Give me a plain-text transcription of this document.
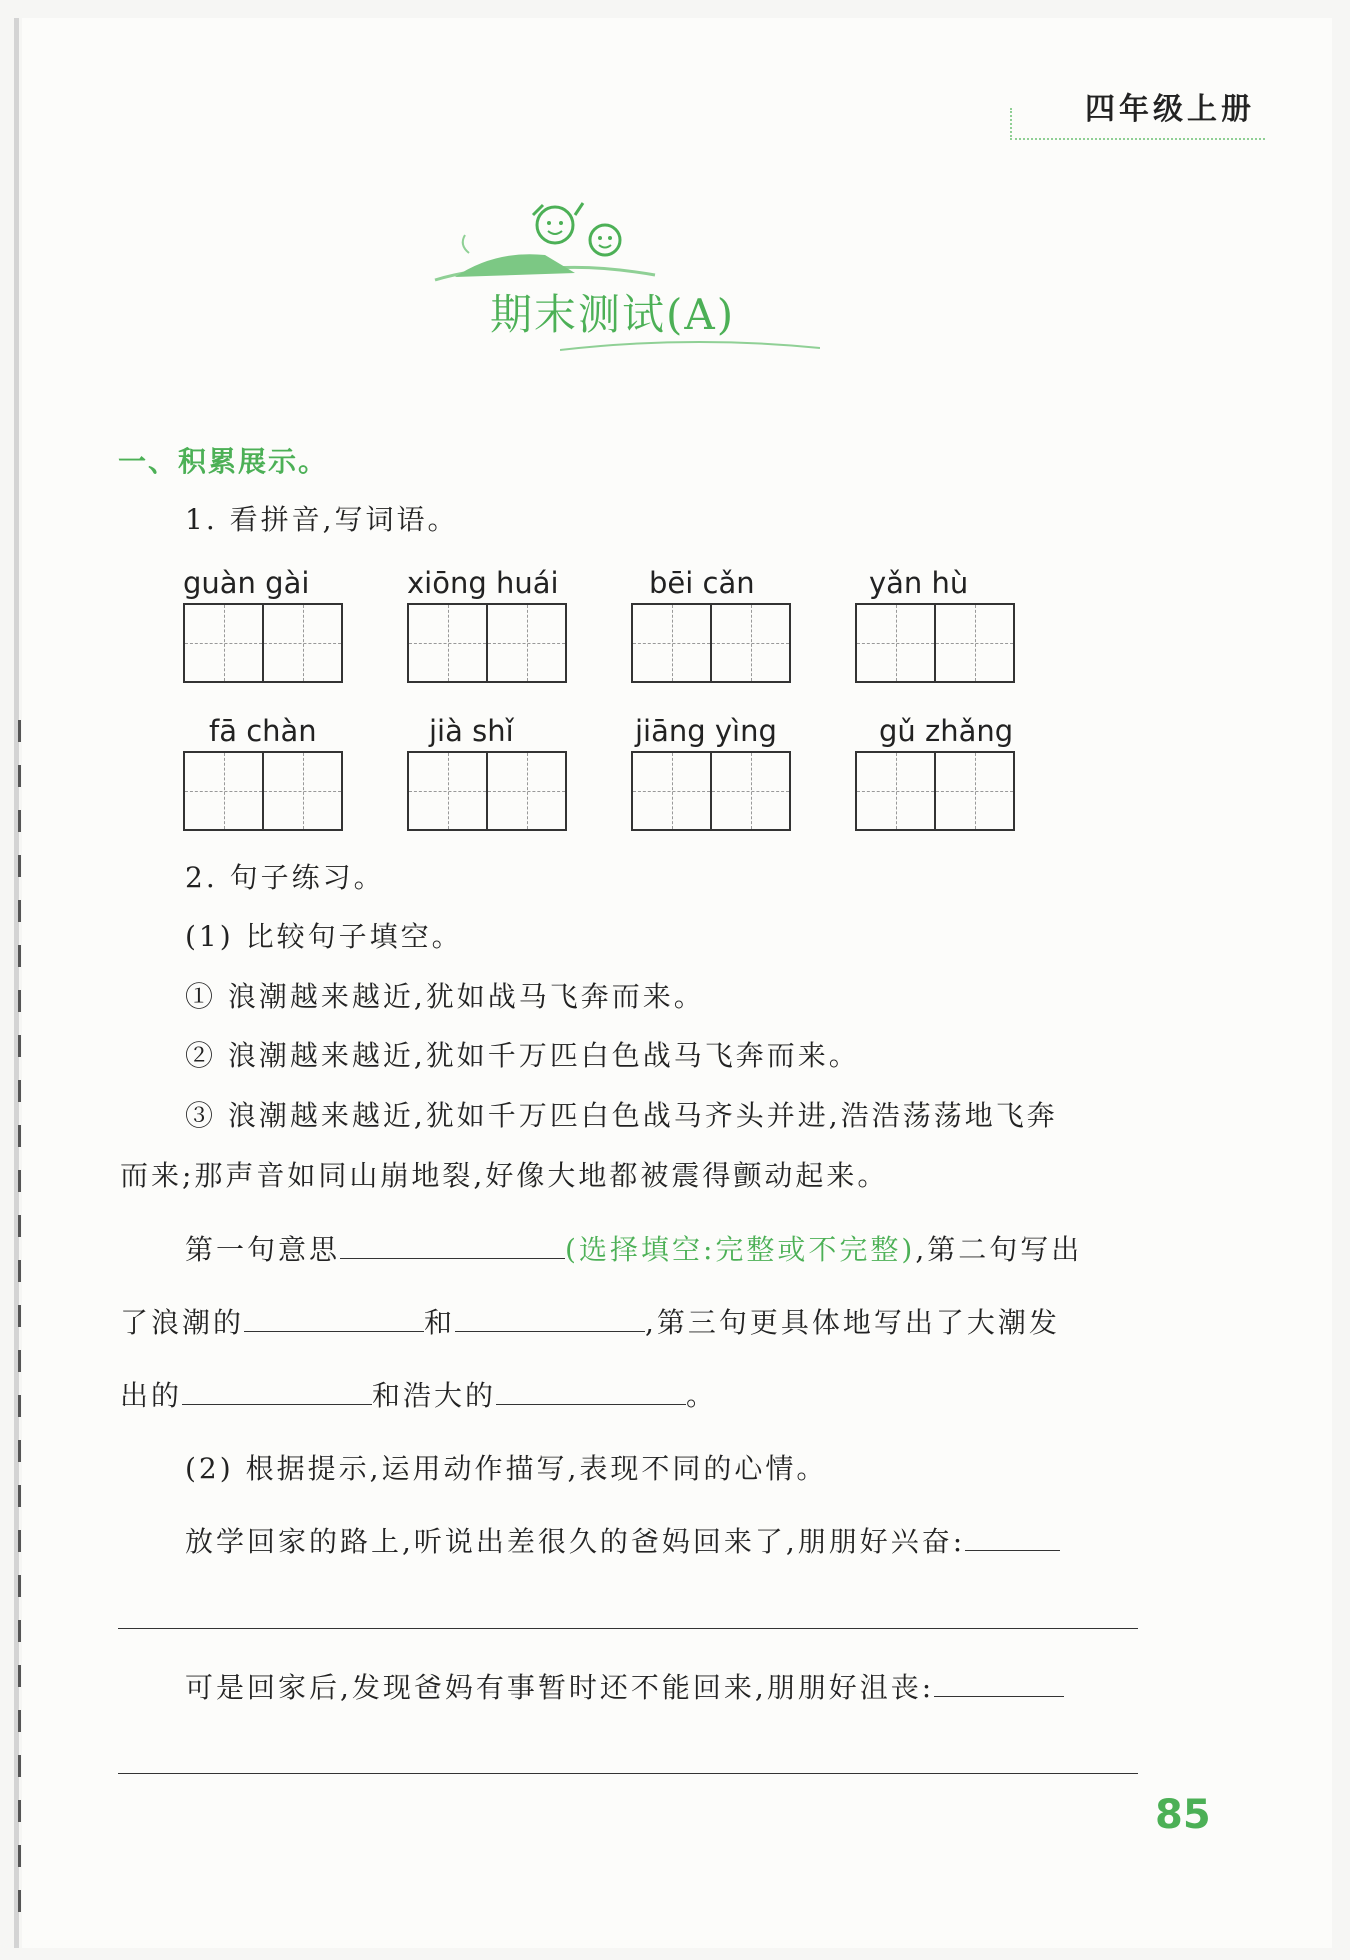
四年级上册
期末测试(A)
一、积累展示。
1. 看拼音,写词语。
guàn gài	xiōng huái	bēi cǎn	yǎn hù
fā chàn	jià shǐ	jiāng yìng	gǔ zhǎng
2. 句子练习。
(1) 比较句子填空。
① 浪潮越来越近,犹如战马飞奔而来。
② 浪潮越来越近,犹如千万匹白色战马飞奔而来。
③ 浪潮越来越近,犹如千万匹白色战马齐头并进,浩浩荡荡地飞奔
而来;那声音如同山崩地裂,好像大地都被震得颤动起来。
第一句意思	(选择填空:完整或不完整),第二句写出
了浪潮的	和	,第三句更具体地写出了大潮发
出的	和浩大的	。
(2) 根据提示,运用动作描写,表现不同的心情。
放学回家的路上,听说出差很久的爸妈回来了,朋朋好兴奋:
可是回家后,发现爸妈有事暂时还不能回来,朋朋好沮丧:
85
